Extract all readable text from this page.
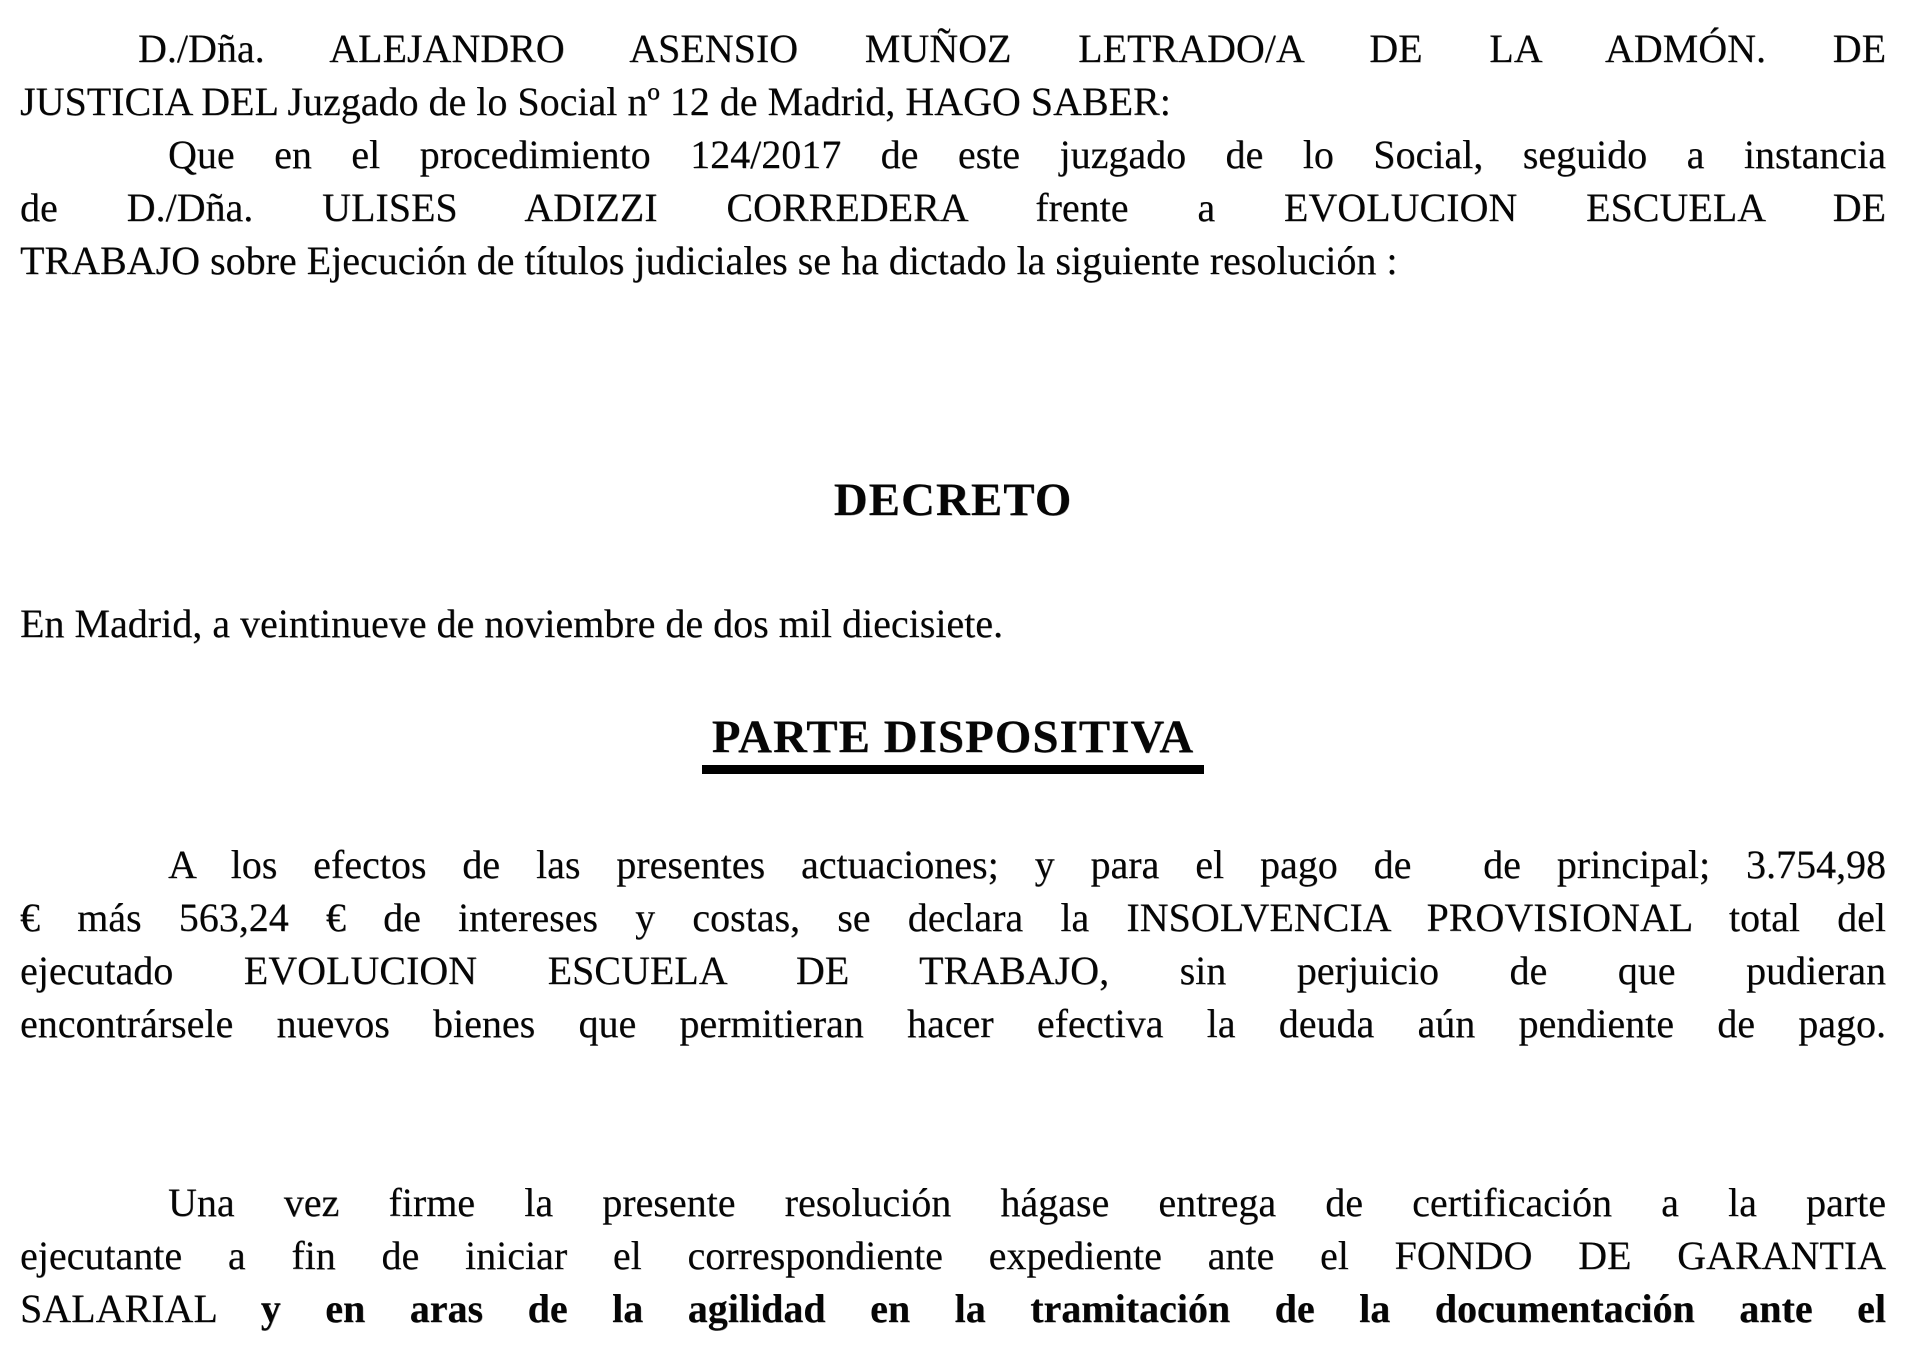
D./Dña. ALEJANDRO ASENSIO MUÑOZ LETRADO/A DE LA ADMÓN. DE
JUSTICIA DEL Juzgado de lo Social nº 12 de Madrid, HAGO SABER:

Que en el procedimiento 124/2017 de este juzgado de lo Social, seguido a instancia
de D./Dña. ULISES ADIZZI CORREDERA frente a EVOLUCION ESCUELA DE
TRABAJO sobre Ejecución de títulos judiciales se ha dictado la siguiente resolución :

DECRETO

En Madrid, a veintinueve de noviembre de dos mil diecisiete.

PARTE DISPOSITIVA

A los efectos de las presentes actuaciones; y para el pago de  de principal; 3.754,98
€ más 563,24 € de intereses y costas, se declara la INSOLVENCIA PROVISIONAL total del
ejecutado EVOLUCION ESCUELA DE TRABAJO, sin perjuicio de que pudieran
encontrársele nuevos bienes que permitieran hacer efectiva la deuda aún pendiente de pago.

Una vez firme la presente resolución hágase entrega de certificación a la parte
ejecutante a fin de iniciar el correspondiente expediente ante el FONDO DE GARANTIA
SALARIAL y en aras de la agilidad en la tramitación de la documentación ante el
